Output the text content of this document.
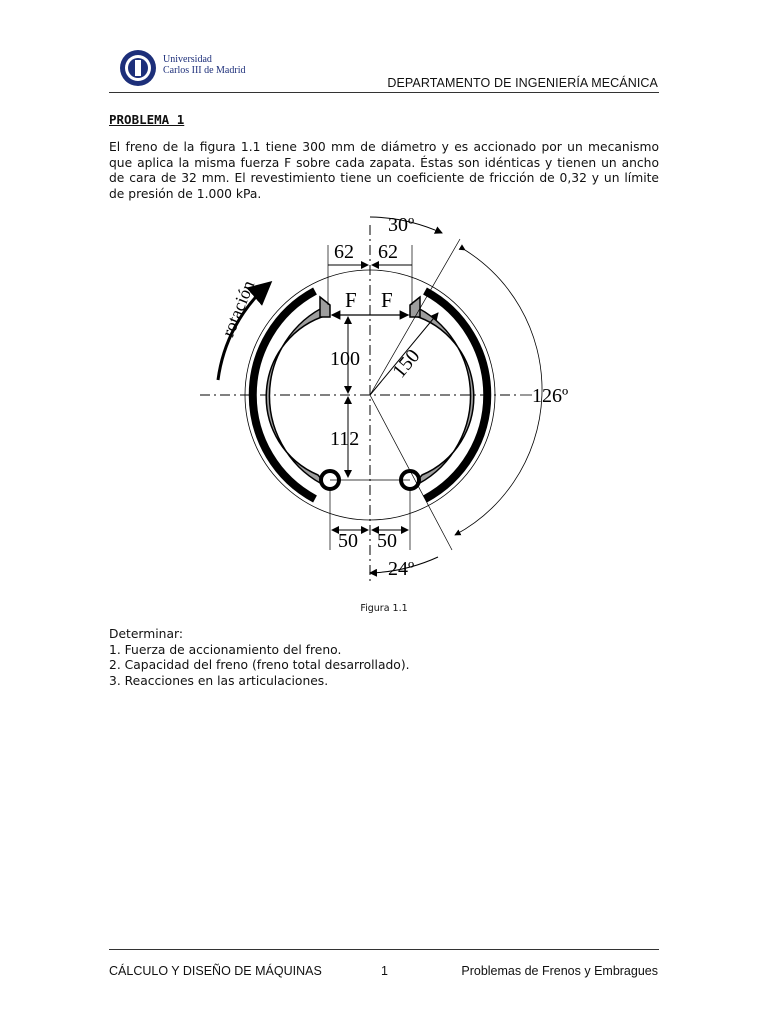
Universidad
Carlos III de Madrid
DEPARTAMENTO DE INGENIERÍA MECÁNICA
PROBLEMA 1

El freno de la figura 1.1 tiene 300 mm de diámetro y es accionado por un mecanismo que aplica la misma fuerza F sobre cada zapata. Éstas son idénticas y tienen un ancho de cara de 32 mm. El revestimiento tiene un coeficiente de fricción de 0,32 y un límite de presión de 1.000 kPa.

62 62
F F
100
112
150
50 50
30º
126º
24º
rotación
Figura 1.1
Determinar:
1. Fuerza de accionamiento del freno.
2. Capacidad del freno (freno total desarrollado).
3. Reacciones en las articulaciones.
CÁLCULO Y DISEÑO DE MÁQUINAS	1	Problemas de Frenos y Embragues
